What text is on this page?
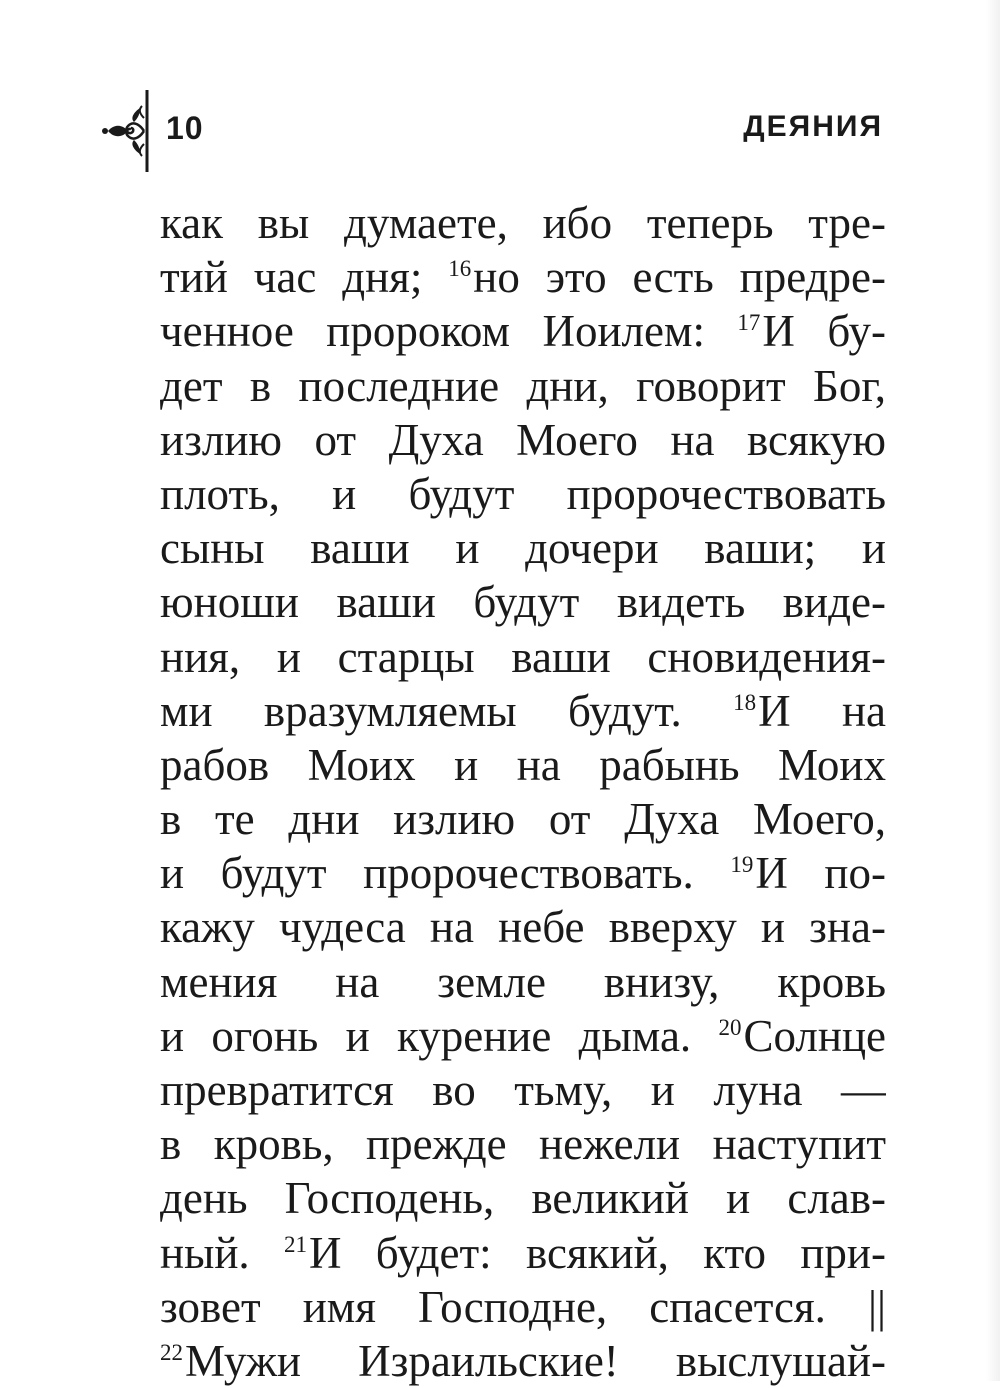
10	ДЕЯНИЯ
как вы думаете, ибо теперь тре-
тий час дня; $^{16}$но это есть предре-
ченное пророком Иоилем: $^{17}$И бу-
дет в последние дни, говорит Бог,
излию от Духа Моего на всякую
плоть, и будут пророчествовать
сыны ваши и дочери ваши; и
юноши ваши будут видеть виде-
ния, и старцы ваши сновидения-
ми вразумляемы будут. $^{18}$И на
рабов Моих и на рабынь Моих
в те дни излию от Духа Моего,
и будут пророчествовать. $^{19}$И по-
кажу чудеса на небе вверху и зна-
мения на земле внизу, кровь
и огонь и курение дыма. $^{20}$Солнце
превратится во тьму, и луна —
в кровь, прежде нежели наступит
день Господень, великий и слав-
ный. $^{21}$И будет: всякий, кто при-
зовет имя Господне, спасется. ||
$^{22}$Мужи Израильские! выслушай-
